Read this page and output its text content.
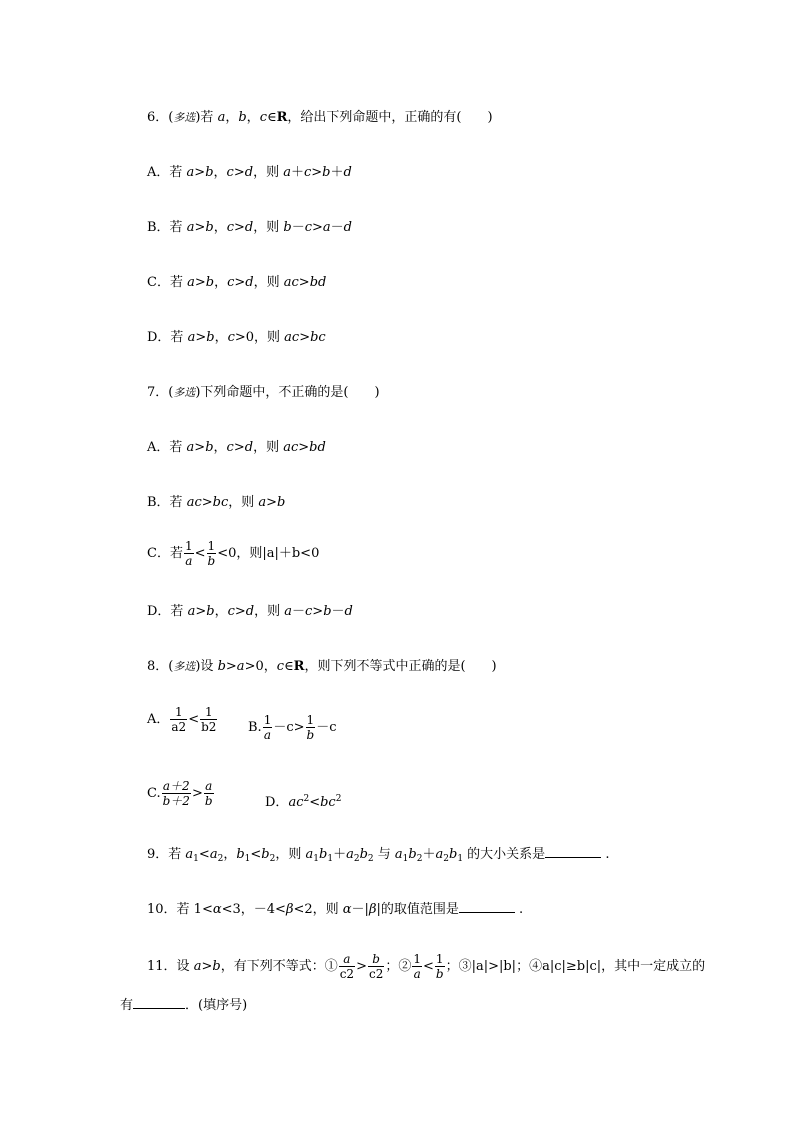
6．(多选)若 a，b，c∈R，给出下列命题中，正确的有(　　)
A．若 a>b，c>d，则 a＋c>b＋d
B．若 a>b，c>d，则 b－c>a－d
C．若 a>b，c>d，则 ac>bd
D．若 a>b，c>0，则 ac>bc
7．(多选)下列命题中，不正确的是(　　)
A．若 a>b，c>d，则 ac>bd
B．若 ac>bc，则 a>b
C．若 $\frac{1}{a} < \frac{1}{b} <0$，则|a|＋b<0
D．若 a>b，c>d，则 a－c>b－d
8．(多选)设 b>a>0，c∈R，则下列不等式中正确的是(　　)
A． $\frac{1}{a2} < \frac{1}{b2} B$. $\frac{1}{a} -c> \frac{1}{b} -c$
C. $\frac{a+2}{b+2} > \frac{a}{b}$	D．$ac^2<bc^2$
9．若 $a_1<a_2$，$b_1<b_2$，则 $a_1b_1+a_2b_2$ 与 $a_1b_2+a_2b_1$ 的大小关系是	.
10．若 1<α<3，－4<β<2，则 α－|β|的取值范围是	.
11．设 a>b，有下列不等式：① $\frac{a}{c2} > \frac{b}{c2}$ ；② $\frac{1}{a} < \frac{1}{b}$ ；③|a|>|b|；④a|c|≥b|c|，其中一定成立的
有	．(填序号)
